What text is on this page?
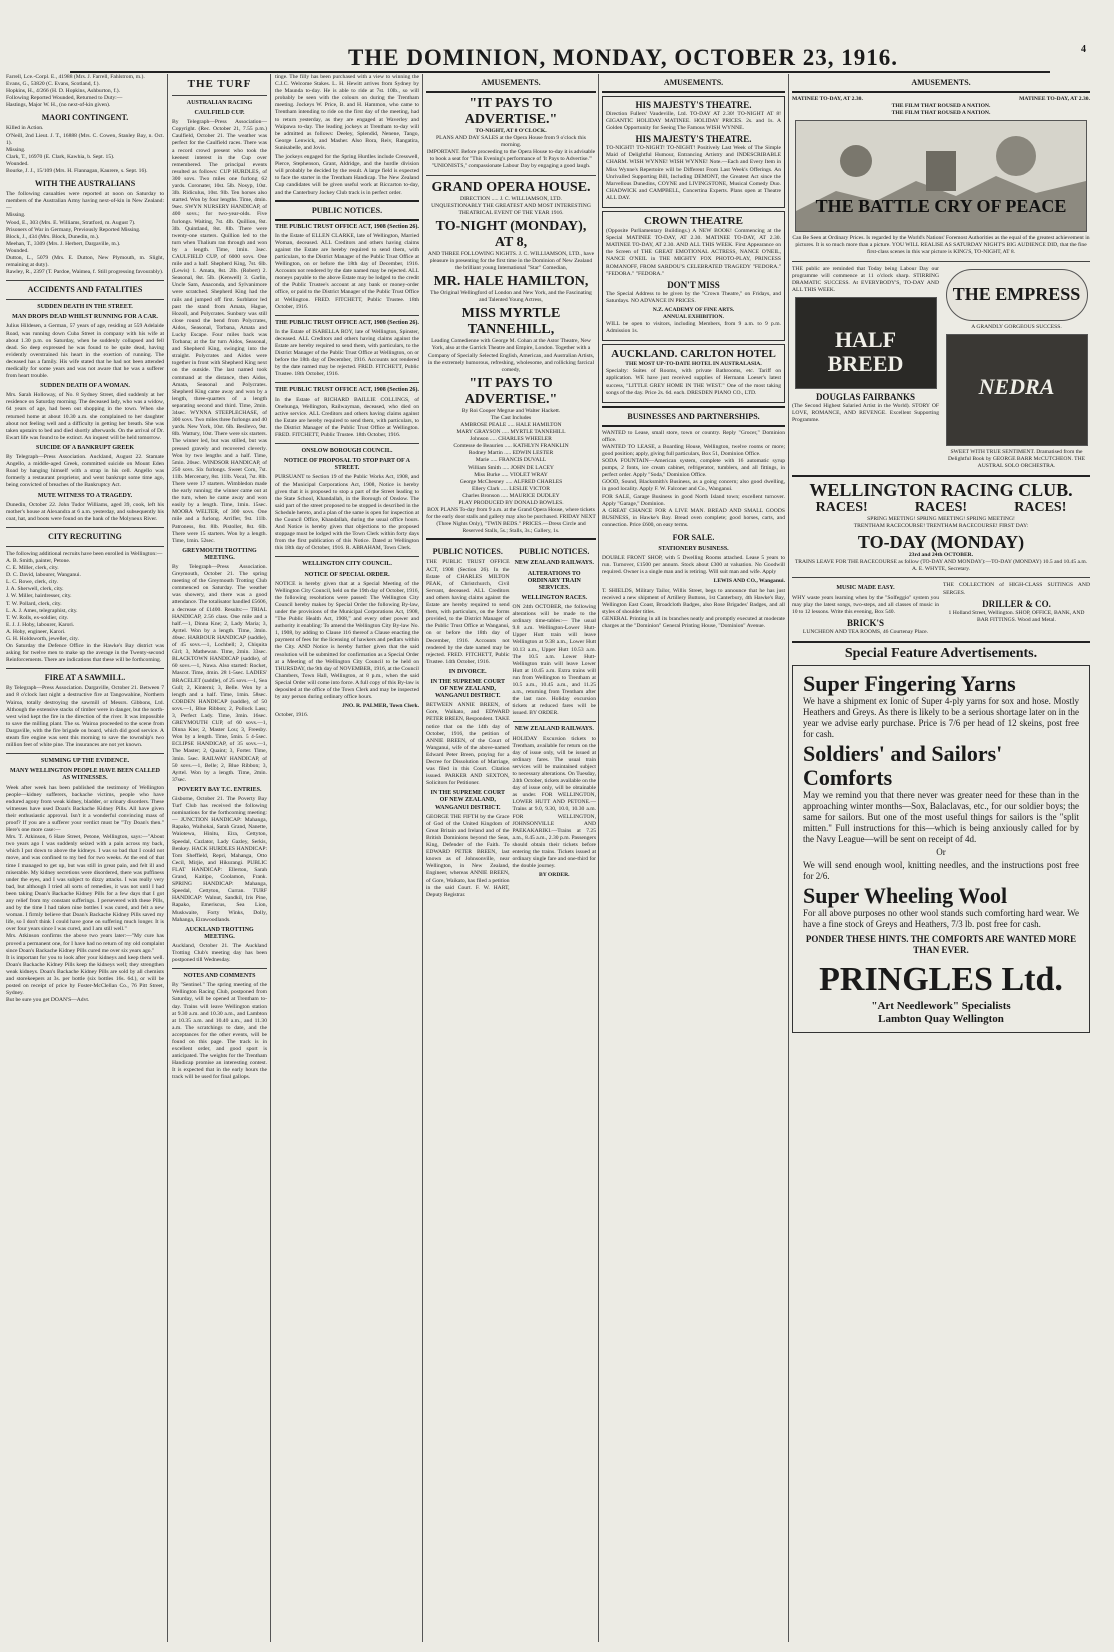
THE DOMINION, MONDAY, OCTOBER 23, 1916.	4
Farrell, Lce.-Corpl. E., 41988 (Mrs. J. Farrell, Fahlstrom, m.).
Evans, G., 53820 (C. Evans, Scotland, f.).
Hopkins, H., 4/266 (H. D. Hopkins, Ashburton, f.).
Following Reported Wounded, Returned to Duty:—
Hastings, Major W. H., (no next-of-kin given).
MAORI CONTINGENT.
Killed in Action.
O'Neill, 2nd Lieut. J. T., 16888 (Mrs. C. Cowen, Stanley Bay, n. Oct. 1).
Missing.
Clark, T., 16970 (E. Clark, Kawhia, b. Sept. 15).
Wounded.
Bourke, J. J., 15/109 (Mrs. H. Flannagan, Kaurere, s. Sept. 16).
WITH THE AUSTRALIANS
The following casualties were reported at noon on Saturday to members of the Australian Army having next-of-kin in New Zealand:—
Missing.
Wood, E., 303 (Mrs. E. Williams, Stratford, m. August 7).
Prisoners of War in Germany, Previously Reported Missing.
Block, J., 434 (Mrs. Block, Dunedin, m.).
Meehan, T., 3309 (Mrs. J. Herbert, Dargaville, m.).
Wounded.
Dutton, L., 5079 (Mrs. E. Dutton, New Plymouth, m. Slight, remaining at duty).
Rawley, R., 2397 (T. Pardoe, Waimea, f. Still progressing favourably).
ACCIDENTS AND FATALITIES
SUDDEN DEATH IN THE STREET.
MAN DROPS DEAD WHILST RUNNING FOR A CAR.
Julius Hildesen, a German, 57 years of age, residing at 559 Adelaide Road, was running down Cuba Street in company with his wife at about 1.30 p.m. on Saturday, when he suddenly collapsed and fell dead. So deep expressed he was found to be quite dead, having evidently overstrained his heart in the exertion of running. The deceased has a family. His wife stated that he had not been attended medically for some years and was not aware that he was a sufferer from heart trouble.
SUDDEN DEATH OF A WOMAN.
Mrs. Sarah Holloway, of No. 8 Sydney Street, died suddenly at her residence on Saturday morning. The deceased lady, who was a widow, 64 years of age, had been out shopping in the town. When she returned home at about 10.30 a.m. she complained to her daughter about not feeling well and a difficulty in getting her breath. She was taken upstairs to bed and died shortly afterwards. On the arrival of Dr. Ewart life was found to be extinct. An inquest will be held tomorrow.
SUICIDE OF A BANKRUPT GREEK
By Telegraph—Press Association. Auckland, August 22. Stamate Angello, a middle-aged Greek, committed suicide on Mount Eden Road by hanging himself with a strap in his cell. Angello was formerly a restaurant proprietor, and went bankrupt some time ago, being convicted of breaches of the Bankruptcy Act.
MUTE WITNESS TO A TRAGEDY.
Dunedin, October 22. John Tudor Williams, aged 39, cook, left his mother's house at Alexandra at 6 a.m. yesterday, and subsequently his coat, hat, and boots were found on the bank of the Molyneux River.
CITY RECRUITING
The following additional recruits have been enrolled in Wellington:—
A. B. Smith, painter, Petone.
C. E. Miller, clerk, city.
D. C. David, labourer, Wanganui.
L. C. Rowe, clerk, city.
J. A. Sherwell, clerk, city.
J. W. Miller, hairdresser, city.
T. W. Pollard, clerk, city.
L. A. J. Ames, telegraphist, city.
T. W. Rolls, ex-soldier, city.
E. J. J. Hoby, labourer, Karori.
A. Hoby, engineer, Karori.
G. H. Holdsworth, jeweller, city.
On Saturday the Defence Office in the Hawke's Bay district was asking for twelve men to make up the average in the Twenty-second Reinforcements. There are indications that these will be forthcoming.
FIRE AT A SAWMILL.
By Telegraph—Press Association. Dargaville, October 21. Between 7 and 8 o'clock last night a destructive fire at Tangowahine, Northern Wairoa, totally destroying the sawmill of Messrs. Gibbons, Ltd. Although the extensive stacks of timber were in danger, but the north-west wind kept the fire in the direction of the river. It was impossible to save the milling plant. The ss. Wairoa proceeded to the scene from Dargaville, with the fire brigade on board, which did good service. A steam fire engine was sent this morning to save the township's two million feet of white pine. The insurances are not yet known.
SUMMING UP THE EVIDENCE.
MANY WELLINGTON PEOPLE HAVE BEEN CALLED AS WITNESSES.
Week after week has been published the testimony of Wellington people—kidney sufferers, backache victims, people who have endured agony from weak kidney, bladder, or urinary disorders. These witnesses have used Doan's Backache Kidney Pills. All have given their enthusiastic approval. Isn't it a wonderful convincing mass of proof? If you are a sufferer your verdict must be "Try Doan's then." Here's one more case:—
Mrs. T. Atkinson, 6 Hare Street, Petone, Wellington, says:—"About two years ago I was suddenly seized with a pain across my back, which I put down to above the kidneys. I was so bad that I could not move, and was confined to my bed for two weeks. At the end of that time I managed to get up, but was still in great pain, and felt ill and miserable. My kidney secretions were disordered, there was puffiness under the eyes, and I was subject to dizzy attacks. I was really very bad, but although I tried all sorts of remedies, it was not until I had been taking Doan's Backache Kidney Pills for a few days that I got any relief from my constant sufferings. I persevered with these Pills, and by the time I had taken nine bottles I was cured, and felt a new woman. I firmly believe that Doan's Backache Kidney Pills saved my life, so I don't think I could have gone on suffering much longer. It is over four years since I was cured, and I am still well."
Mrs. Atkinson confirms the above two years later:—"My cure has proved a permanent one, for I have had no return of my old complaint since Doan's Backache Kidney Pills cured me over six years ago."
It is important for you to look after your kidneys and keep them well. Doan's Backache Kidney Pills keep the kidneys well; they strengthen weak kidneys. Doan's Backache Kidney Pills are sold by all chemists and storekeepers at 3s. per bottle (six bottles 16s. 6d.), or will be posted on receipt of price by Foster-McClellan Co., 76 Pitt Street, Sydney.
But be sure you get DOAN'S—Advt.
THE TURF
AUSTRALIAN RACING
CAULFIELD CUP.
By Telegraph—Press Association—Copyright. (Rec. October 21, 7.55 p.m.) Caulfield, October 21. The weather was perfect for the Caulfield races. There was a record crowd present who took the keenest interest in the Cup over remembered. The principal events resulted as follows: CUP HURDLES, of 300 sovs. Two miles one furlong 62 yards. Coronater, 10st. 5lb. Nosyp, 10st. 3lb. Ridiculus, 10st. 9lb. Ten horses also started. Won by four lengths. Time, 4min. 9sec. SWYN NURSERY HANDICAP, of 400 sovs.; for two-year-olds. Five furlongs. Waiting, 7st. 4lb. Quillion, 8st. 3lb. Quintland, 8st. 8lb. There were twenty-one starters. Quillion led to the turn when Thalium ran through and won by a length. Time, 1min. 3sec. CAULFIELD CUP, of 6000 sovs. One mile and a half. Shepherd King, 7st. 6lb. (Lewis) 1. Amata, 8st. 2lb. (Robert) 2. Seasonal, 8st. 5lb. (Kenwell) 3. Garlin, Uncle Sam, Anaconda, and Sylvanimore were scratched. Shepherd King had the rails and jumped off first. Surblator led past the stand from Amata, Hague, Hozoll, and Polycrates. Sunbury was still close round the bend from Polycrates, Aidos, Seasonal, Torbana, Amata and Lucky Escape. Four miles back was Torbana; at the far turn Aidos, Seasonal, and Shepherd King, swinging into the straight. Polycrates and Aidos were together in front with Shepherd King next on the outside. The last named took command at the distance, then Aidos, Amata, Seasonal and Polycrates. Shepherd King came away and won by a length, three-quarters of a length separating second and third. Time, 2min. 34sec. WYNNA STEEPLECHASE, of 300 sovs. Two miles three furlongs and 40 yards. New York, 10st. 6lb. Besilevo, 9st. 8lb. Wattury, 10st. There were six starters. The winner led, but was stilled, but was pressed gravely and recovered cleverly. Won by two lengths and a half. Time, 5min. 20sec. WINDSOR HANDICAP, of 250 sovs. Six furlongs. Sweet Corn, 7st. 11lb. Mercenary, 8st. 11lb. Vocal, 7st. 8lb. There were 17 starters. Wimbledon made the early running; the winner came out at the turn, when he came away and won easily by a length. Time, 1min. 15sec. MOORA WELTER, of 300 sovs. One mile and a furlong. Arrifler, 9st. 11lb. Patroness, 8st. 8lb. Pistoller, 8st. 6lb. There were 15 starters. Won by a length. Time, 1min. 52sec.
GREYMOUTH TROTTING MEETING.
By Telegraph—Press Association. Greymouth, October 21. The spring meeting of the Greymouth Trotting Club commenced on Saturday. The weather was showery, and there was a good attendance. The totalisator handled £5606, a decrease of £1400. Results:— TRIAL HANDICAP, 2.56 class. One mile and a half.—1, Dinna Kne; 2, Lady Maria; 3, Ayrtel. Won by a length. Time, 3min. 40sec. HARBOUR HANDICAP (saddle), of 45 sovs.—1, Lochbell; 2, Chiquita Girl; 3, Mathewan. Time, 2min. 33sec. BLACKTOWN HANDICAP (saddle), of 60 sovs.—1, Nawa. Also started: Rocket, Mascot. Time, 4min. 28 1-5sec. LADIES' BRACELET (saddle), of 25 sovs.—1, Sea Gull; 2, Kinterni; 3, Belle. Won by a length and a half. Time, 1min. 58sec. COBDEN HANDICAP (saddle), of 50 sovs.—1, Blue Ribbon; 2, Pollock Lass; 3, Perfect Lady. Time, 3min. 16sec. GREYMOUTH CUP, of 60 sovs.—1, Dinna Kne; 2, Master Lou; 3, Freesby. Won by a length. Time, 5min. 5 4-5sec. ECLIPSE HANDICAP, of 35 sovs.—1, The Master; 2, Quaint; 3, Forter. Time, 3min. 5sec. RAILWAY HANDICAP, of 50 sovs.—1, Belle; 2, Blue Ribbon; 3, Ayrtel. Won by a length. Time, 2min. 37sec.
POVERTY BAY T.C. ENTRIES.
Gisborne, October 21. The Poverty Bay Turf Club has received the following nominations for the forthcoming meeting:— JUNCTION HANDICAP: Mahanga, Rapako, Waihokai, Sarah Grand, Nanette, Waiotewa, Hinitu, Eira, Cettyton, Speedal, Cazlator, Lady Gazley, Serkis, Benkey. HACK HURDLES HANDICAP: Tom Sheffield, Repri, Mahanga, Otto Cecil, Mirjie, and Hikurangi. PUBLIC FLAT HANDICAP: Ellerton, Sarah Grand, Kaitipo, Coolamon, Frank. SPRING HANDICAP: Mahanga, Speedal, Cettyton, Curran. TURF HANDICAP: Walnut, Sandkil, Iris Pine, Rapako, Emeriscus, Sea Lion, Muskwaite, Forty Winks, Dolly, Mahanga, Eirawoodlands.
AUCKLAND TROTTING MEETING.
Auckland, October 21. The Auckland Trotting Club's meeting day has been postponed till Wednesday.
NOTES AND COMMENTS
By "Sentinel." The spring meeting of the Wellington Racing Club, postponed from Saturday, will be opened at Trentham to-day. Trains will leave Wellington station at 9.30 a.m. and 10.30 a.m., and Lambton at 10.35 a.m. and 10.40 a.m., and 11.30 a.m. The scratchings to date, and the acceptances for the other events, will be found on this page. The track is in excellent order, and good sport is anticipated. The weights for the Trentham Handicap promise an interesting contest. It is expected that in the early hours the track will be used for final gallops.
tinge. The filly has been purchased with a view to winning the C.J.C. Welcome Stakes. L. H. Hewitt arrives from Sydney by the Maunda to-day. He is able to ride at 7st. 10lb., so will probably be seen with the colours on during the Trentham meeting. Jockeys W. Price, B. and H. Hammon, who came to Trentham intending to ride on the first day of the meeting, had to return yesterday, as they are engaged at Waverley and Waipawa to-day. The leading jockeys at Trentham to-day will be admitted as follows: Deeley, Splendid, Nenene, Tango, George Lenwick, and Masher. Also Bora, Reiv, Rangatira, Sunisabelle, and Jovis.
The jockeys engaged for the Spring Hurdles include Cresswell, Pierce, Stephenson, Grant, Aldridge, and the hurdle division will probably be decided by the result. A large field is expected to face the starter in the Trentham Handicap. The New Zealand Cup candidates will be given useful work at Riccarton to-day, and the Canterbury Jockey Club track is in perfect order.
PUBLIC NOTICES.
THE PUBLIC TRUST OFFICE ACT, 1908 (Section 26).
In the Estate of ELLEN CLARKE, late of Wellington, Married Woman, deceased. ALL Creditors and others having claims against the Estate are hereby required to send them, with particulars, to the District Manager of the Public Trust Office at Wellington, on or before the 18th day of December, 1916. Accounts not rendered by the date named may be rejected. ALL moneys payable to the above Estate may be lodged to the credit of the Public Trustee's account at any bank or money-order office, or paid to the District Manager of the Public Trust Office at Wellington. FRED. FITCHETT, Public Trustee. 18th October, 1916.
THE PUBLIC TRUST OFFICE ACT, 1908 (Section 26).
In the Estate of ISABELLA ROY, late of Wellington, Spinster, deceased. ALL Creditors and others having claims against the Estate are hereby required to send them, with particulars, to the District Manager of the Public Trust Office at Wellington, on or before the 18th day of December, 1916. Accounts not rendered by the date named may be rejected. FRED. FITCHETT, Public Trustee. 18th October, 1916.
THE PUBLIC TRUST OFFICE ACT, 1908 (Section 26).
In the Estate of RICHARD BAILLIE COLLINGS, of Onehunga, Wellington, Railwayman, deceased, who died on active service. ALL Creditors and others having claims against the Estate are hereby required to send them, with particulars, to the District Manager of the Public Trust Office at Wellington. FRED. FITCHETT, Public Trustee. 18th October, 1916.
ONSLOW BOROUGH COUNCIL.
NOTICE OF PROPOSAL TO STOP PART OF A STREET.
PURSUANT to Section 19 of the Public Works Act, 1908, and of the Municipal Corporations Act, 1908, Notice is hereby given that it is proposed to stop a part of the Street leading to the State School, Khandallah, in the Borough of Onslow. The said part of the street proposed to be stopped is described in the Schedule hereto, and a plan of the same is open for inspection at the Council Office, Khandallah, during the usual office hours. And Notice is hereby given that objections to the proposed stoppage must be lodged with the Town Clerk within forty days from the first publication of this Notice. Dated at Wellington this 18th day of October, 1916. R. ABRAHAM, Town Clerk.
WELLINGTON CITY COUNCIL.
NOTICE OF SPECIAL ORDER.
NOTICE is hereby given that at a Special Meeting of the Wellington City Council, held on the 19th day of October, 1916, the following resolutions were passed: The Wellington City Council hereby makes by Special Order the following By-law, under the provisions of the Municipal Corporations Act, 1908, "The Public Health Act, 1908," and every other power and authority it enabling: To amend the Wellington City By-law No. 1, 1908, by adding to Clause 116 thereof a Clause enacting the payment of fees for the licensing of hawkers and pedlars within the City. AND Notice is hereby further given that the said resolution will be submitted for confirmation as a Special Order at a Meeting of the Wellington City Council to be held on THURSDAY, the 9th day of NOVEMBER, 1916, at the Council Chambers, Town Hall, Wellington, at 8 p.m., when the said Special Order will come into force. A full copy of this By-law is deposited at the office of the Town Clerk and may be inspected by any person during ordinary office hours.
JNO. R. PALMER, Town Clerk.
October, 1916.
AMUSEMENTS.
"IT PAYS TO ADVERTISE."
TO-NIGHT, AT 8 O'CLOCK.
PLANS AND DAY SALES at the Opera House from 9 o'clock this morning.
IMPORTANT. Before proceeding to the Opera House to-day it is advisable to book a seat for "This Evening's performance of 'It Pays to Advertise.'"
"UNIONISTS," compassionate Labour Day by engaging a good laugh.
GRAND OPERA HOUSE.
DIRECTION ..... J. C. WILLIAMSON, LTD.
UNQUESTIONABLY THE GREATEST AND MOST INTERESTING THEATRICAL EVENT OF THE YEAR 1916.
TO-NIGHT (MONDAY), AT 8,
AND THREE FOLLOWING NIGHTS. J. C. WILLIAMSON, LTD., have pleasure in presenting for the first time in the Dominion of New Zealand the brilliant young International "Star" Comedian,
MR. HALE HAMILTON,
The Original Wellingford of London and New York, and the Fascinating and Talented Young Actress,
MISS MYRTLE TANNEHILL,
Leading Comedienne with George M. Cohan at the Astor Theatre, New York, also at the Garrick Theatre and Empire, London. Together with a Company of Specially Selected English, American, and Australian Artists, in the extremely humorous, refreshing, wholesome, and rollicking farcical comedy,
"IT PAYS TO ADVERTISE."
By Roi Cooper Megrue and Walter Hackett.
The Cast Includes
AMBROSE PEALE ..... HALE HAMILTON
MARY GRAYSON ..... MYRTLE TANNEHILL
Johnson ..... CHARLES WHEELER
Comtesse de Beaurien ..... KATHLYN FRANKLIN
Rodney Martin ..... EDWIN LESTER
Marie ..... FRANCIS DUVALL
William Smith ..... JOHN DE LACEY
Miss Burke ..... VIOLET WRAY
George McChesney ..... ALFRED CHARLES
Ellery Clark ..... LESLIE VICTOR
Charles Bronson ..... MAURICE DUDLEY
PLAY PRODUCED BY DONALD BOWLES.
BOX PLANS To-day from 9 a.m. at the Grand Opera House, where tickets for the early door stalls and gallery may also be purchased. FRIDAY NEXT (Three Nights Only), "TWIN BEDS." PRICES.—Dress Circle and Reserved Stalls, 5s.; Stalls, 3s.; Gallery, 1s.
PUBLIC NOTICES.
THE PUBLIC TRUST OFFICE ACT, 1908 (Section 26). In the Estate of CHARLES MILTON PEAK, of Christchurch, Civil Servant, deceased. ALL Creditors and others having claims against the Estate are hereby required to send them, with particulars, on the forms provided, to the District Manager of the Public Trust Office at Wanganui, on or before the 18th day of December, 1916. Accounts not rendered by the date named may be rejected. FRED. FITCHETT, Public Trustee. 14th October, 1916.
IN DIVORCE.
IN THE SUPREME COURT OF NEW ZEALAND, WANGANUI DISTRICT.
BETWEEN ANNIE BREEN, of Gore, Waikato, and EDWARD PETER BREEN, Respondent. TAKE notice that on the 14th day of October, 1916, the petition of ANNIE BREEN, of the Court of Wanganui, wife of the above-named Edward Peter Breen, praying for a Decree for Dissolution of Marriage, was filed in this Court. Citation issued. PARKER AND SEXTON, Solicitors for Petitioner.
IN THE SUPREME COURT OF NEW ZEALAND, WANGANUI DISTRICT.
GEORGE THE FIFTH by the Grace of God of the United Kingdom of Great Britain and Ireland and of the British Dominions beyond the Seas, King, Defender of the Faith. To EDWARD PETER BREEN, last known as of Johnsonville, near Wellington, in New Zealand, Engineer, whereas ANNIE BREEN, of Gore, Waikato, has filed a petition in the said Court. F. W. HART, Deputy Registrar.
PUBLIC NOTICES.
NEW ZEALAND RAILWAYS.
ALTERATIONS TO ORDINARY TRAIN SERVICES.
WELLINGTON RACES.
ON 24th OCTOBER, the following alterations will be made to the ordinary time-tables:— The usual 9.8 a.m. Wellington-Lower Hutt-Upper Hutt train will leave Wellington at 9.38 a.m., Lower Hutt 10.13 a.m., Upper Hutt 10.53 a.m. The 10.5 a.m. Lower Hutt-Wellington train will leave Lower Hutt at 10.45 a.m. Extra trains will run from Wellington to Trentham at 10.5 a.m., 10.45 a.m., and 11.25 a.m., returning from Trentham after the last race. Holiday excursion tickets at reduced fares will be issued. BY ORDER.
NEW ZEALAND RAILWAYS.
HOLIDAY Excursion tickets to Trentham, available for return on the day of issue only, will be issued at ordinary fares. The usual train services will be maintained subject to necessary alterations. On Tuesday, 24th October, tickets available on the day of issue only, will be obtainable as under. FOR WELLINGTON, LOWER HUTT AND PETONE.—Trains at 9.0, 9.30, 10.0, 10.30 a.m. FOR WELLINGTON, JOHNSONVILLE AND PAEKAKARIKI.—Trains at 7.25 a.m., 8.45 a.m., 2.30 p.m. Passengers should obtain their tickets before entering the trains. Tickets issued at ordinary single fare and one-third for the double journey.
BY ORDER.
AMUSEMENTS.
HIS MAJESTY'S THEATRE.
Direction Fullers' Vaudeville, Ltd. TO-DAY AT 2.30! TO-NIGHT AT 8! GIGANTIC HOLIDAY MATINEE. HOLIDAY PRICES. 2s. and 1s. A Golden Opportunity for Seeing The Famous WISH WYNNE.
HIS MAJESTY'S THEATRE.
TO-NIGHT! TO-NIGHT! TO-NIGHT! Positively Last Week of The Simple Maid of Delightful Humour, Entrancing Artistry and INDESCRIBABLE CHARM. WISH WYNNE! WISH WYNNE! Note.—Each and Every Item in Miss Wynne's Repertoire will be Different From Last Week's Offerings. An Unrivalled Supporting Bill, Including DEMONT, the Greatest Act since the Marvellous Dunedins, COYNE and LIVINGSTONE, Musical Comedy Duo. CHADWICK and CAMPBELL, Concertina Experts. Plans open at Theatre ALL DAY.
CROWN THEATRE
(Opposite Parliamentary Buildings.) A NEW BOOK! Commencing at the Special MATINEE TO-DAY, AT 2.30. MATINEE TO-DAY, AT 2.30. MATINEE TO-DAY, AT 2.30. AND ALL THIS WEEK. First Appearance on the Screen of THE GREAT EMOTIONAL ACTRESS, NANCE O'NEIL, NANCE O'NEIL in THE MIGHTY FOX PHOTO-PLAY, PRINCESS ROMANOFF, FROM SARDOU'S CELEBRATED TRAGEDY "FEDORA." "FEDORA." "FEDORA."
DON'T MISS
The Special Address to be given by the "Crown Theatre," on Fridays, and Saturdays. NO ADVANCE IN PRICES.
N.Z. ACADEMY OF FINE ARTS.
ANNUAL EXHIBITION.
WILL be open to visitors, including Members, from 9 a.m. to 9 p.m. Admission 1s.
AUCKLAND. CARLTON HOTEL
THE MOST UP-TO-DATE HOTEL IN AUSTRALASIA.
Specialty: Suites of Rooms, with private Bathrooms, etc. Tariff on application. WE have just received supplies of Hermann Loeser's latest success, "LITTLE GREY HOME IN THE WEST." One of the most taking songs of the day. Price 2s. 6d. each. DRESDEN PIANO CO., LTD.
BUSINESSES AND PARTNERSHIPS.
WANTED to Lease, small store, town or country. Reply "Grocer," Dominion office.
WANTED TO LEASE, a Boarding House, Wellington, twelve rooms or more; good position; apply, giving full particulars, Box 51, Dominion Office.
SODA FOUNTAIN—American system, complete with 16 automatic syrup pumps, 2 fonts, ice cream cabinet, refrigerator, tumblers, and all fittings, in perfect order. Apply "Soda," Dominion Office.
GOOD, Sound, Blacksmith's Business, as a going concern; also good dwelling, in good locality. Apply F. W. Falconer and Co., Wanganui.
FOR SALE, Garage Business in good North Island town; excellent turnover. Apply "Garage," Dominion.
A GREAT CHANCE FOR A LIVE MAN. BREAD AND SMALL GOODS BUSINESS, in Hawke's Bay. Bread oven complete; good horses, carts, and connection. Price £600, on easy terms.
FOR SALE.
STATIONERY BUSINESS.
DOUBLE FRONT SHOP, with 5 Dwelling Rooms attached. Lease 5 years to run. Turnover, £1500 per annum. Stock about £300 at valuation. No Goodwill required. Owner is a single man and is retiring. Will suit man and wife. Apply
LEWIS AND CO., Wanganui.
T. SHIELDS, Military Tailor, Willis Street, begs to announce that he has just received a new shipment of Artillery Buttons, 1st Canterbury, 4th Hawke's Bay, Wellington East Coast, Broadcloth Badges, also Rose Brigades' Badges, and all styles of shoulder titles.
GENERAL Printing in all its branches neatly and promptly executed at moderate charges at the "Dominion" General Printing House, "Dominion" Avenue.
AMUSEMENTS.
MATINEE TO-DAY, AT 2.30.	MATINEE TO-DAY, AT 2.30.
THE FILM THAT ROUSED A NATION.
THE FILM THAT ROUSED A NATION.
THE BATTLE CRY OF PEACE
Can Be Seen at Ordinary Prices. Is regarded by the World's Nations' Foremost Authorities as the equal of the greatest achievement in pictures. It is so much more than a picture. YOU WILL REALISE AS SATURDAY NIGHT'S BIG AUDIENCE DID, that the fine first-class scenes in this war picture is KING'S, TO-NIGHT, AT 8.
THE public are reminded that Today being Labour Day our programme will commence at 11 o'clock sharp. STIRRING DRAMATIC SUCCESS. At EVERYBODY'S, TO-DAY AND ALL THIS WEEK.
HALF BREED
DOUGLAS FAIRBANKS
(The Second Highest Salaried Artist in the World). STORY OF LOVE, ROMANCE, AND REVENGE. Excellent Supporting Programme.
THE EMPRESS
A GRANDLY GORGEOUS SUCCESS.
NEDRA
SWEET WITH TRUE SENTIMENT. Dramatised from the Delightful Book by GEORGE BARR McCUTCHEON. THE AUSTRAL SOLO ORCHESTRA.
WELLINGTON RACING CLUB.
RACES!	RACES!	RACES!
SPRING MEETING! SPRING MEETING! SPRING MEETING!
TRENTHAM RACECOURSE! TRENTHAM RACECOURSE! FIRST DAY:
TO-DAY (MONDAY)
23rd and 24th OCTOBER.
TRAINS LEAVE FOR THE RACECOURSE as follow (TO-DAY AND MONDAY):—TO-DAY (MONDAY) 10.5 and 10.45 a.m. A. E. WHYTE, Secretary.
MUSIC MADE EASY.
WHY waste years learning when by the "Solfeggio" system you may play the latest songs, two-steps, and all classes of music in 10 to 12 lessons. Write this evening, Box 540.
BRICK'S
LUNCHEON AND TEA ROOMS, 46 Courtenay Place.
THE COLLECTION of HIGH-CLASS SUITINGS AND SERGES.
DRILLER & CO.
1 Holland Street, Wellington. SHOP, OFFICE, BANK, AND BAR FITTINGS. Wood and Metal.
Special Feature Advertisements.
Super Fingering Yarns
We have a shipment ex Ionic of Super 4-ply yarns for sox and hose. Mostly Heathers and Greys. As there is likely to be a serious shortage later on in the year we advise early purchase. Price is 7/6 per head of 12 skeins, post free for cash.
Soldiers' and Sailors' Comforts
May we remind you that there never was greater need for these than in the approaching winter months—Sox, Balaclavas, etc., for our soldier boys; the same for sailors. But one of the most useful things for sailors is the "split mitten." Full instructions for this—which is being anxiously called for by the Navy League—will be sent on receipt of 4d.
Or
We will send enough wool, knitting needles, and the instructions post free for 2/6.
Super Wheeling Wool
For all above purposes no other wool stands such comforting hard wear. We have a fine stock of Greys and Heathers, 7/3 lb. post free for cash.
PONDER THESE HINTS. THE COMFORTS ARE WANTED MORE THAN EVER.
PRINGLES Ltd.
"Art Needlework" Specialists
Lambton Quay Wellington
